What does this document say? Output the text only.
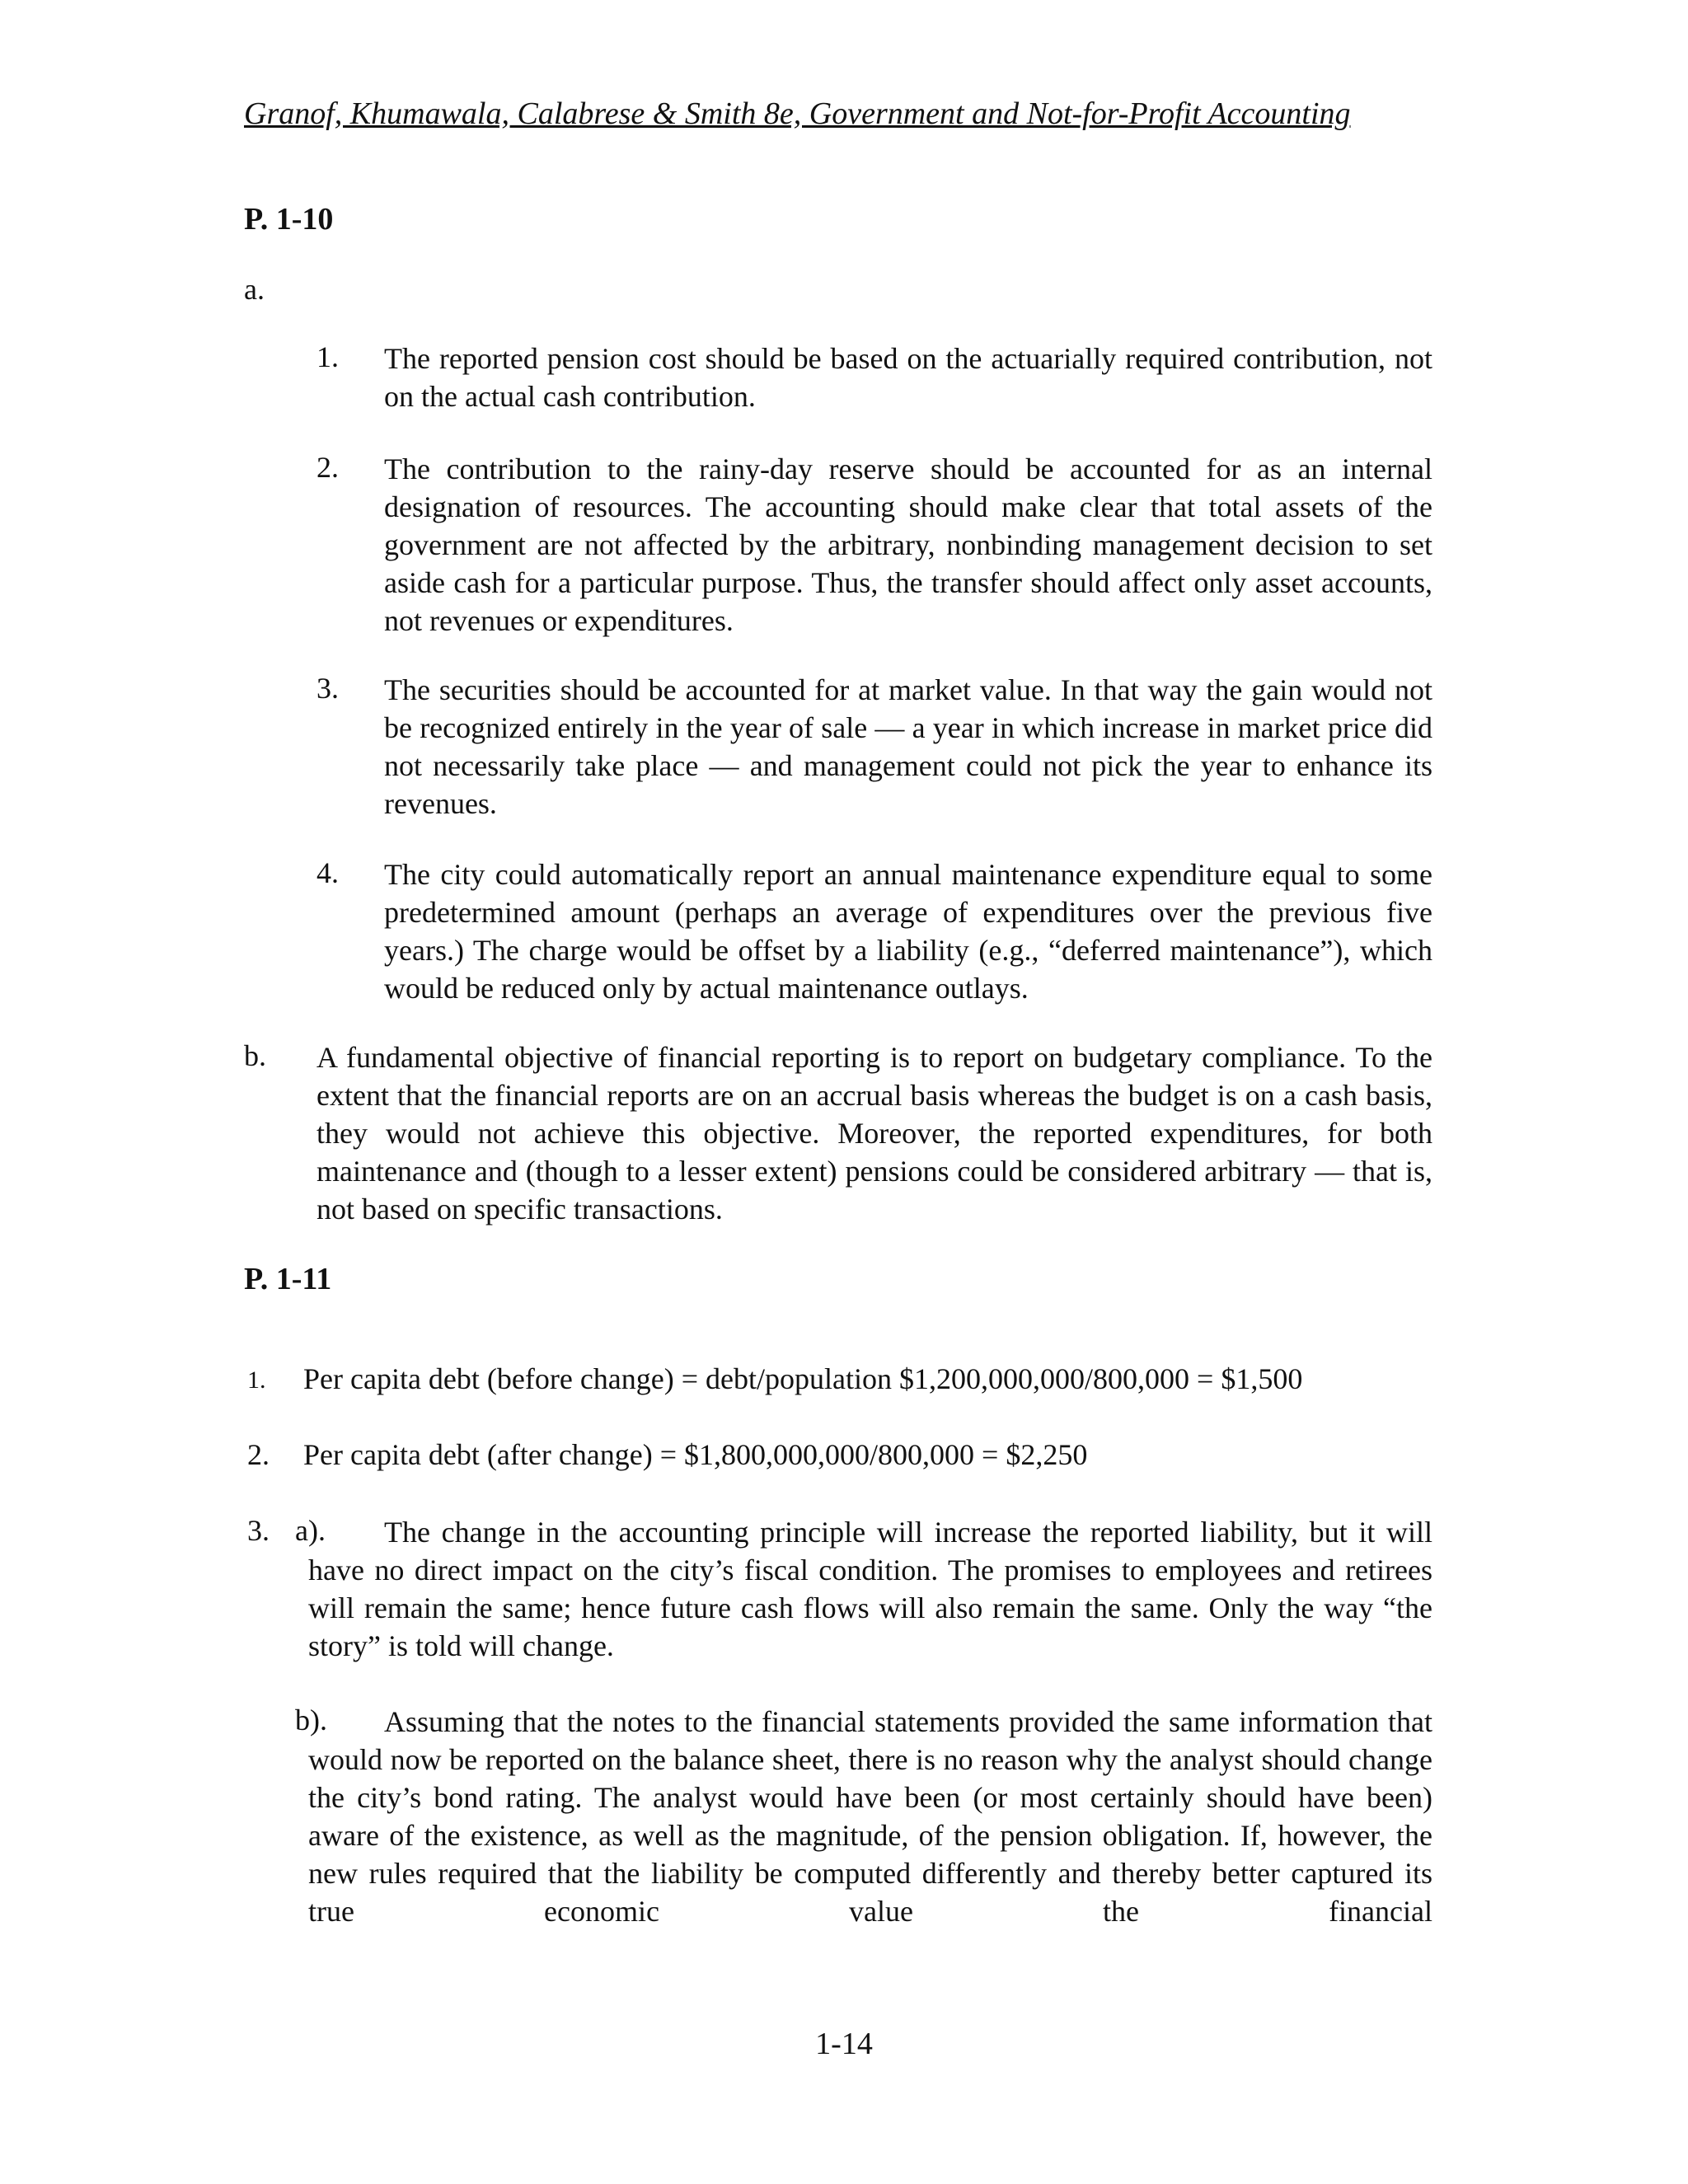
Granof, Khumawala, Calabrese & Smith 8e, Government and Not-for-Profit Accounting
P. 1-10
a.
1. The reported pension cost should be based on the actuarially required contribution, not on the actual cash contribution.
2. The contribution to the rainy-day reserve should be accounted for as an internal designation of resources. The accounting should make clear that total assets of the government are not affected by the arbitrary, nonbinding management decision to set aside cash for a particular purpose. Thus, the transfer should affect only asset accounts, not revenues or expenditures.
3. The securities should be accounted for at market value. In that way the gain would not be recognized entirely in the year of sale — a year in which increase in market price did not necessarily take place — and management could not pick the year to enhance its revenues.
4. The city could automatically report an annual maintenance expenditure equal to some predetermined amount (perhaps an average of expenditures over the previous five years.) The charge would be offset by a liability (e.g., “deferred maintenance”), which would be reduced only by actual maintenance outlays.
b. A fundamental objective of financial reporting is to report on budgetary compliance. To the extent that the financial reports are on an accrual basis whereas the budget is on a cash basis, they would not achieve this objective. Moreover, the reported expenditures, for both maintenance and (though to a lesser extent) pensions could be considered arbitrary — that is, not based on specific transactions.
P. 1-11
1. Per capita debt (before change) = debt/population $1,200,000,000/800,000 = $1,500
2. Per capita debt (after change) = $1,800,000,000/800,000 = $2,250
3. a).	The change in the accounting principle will increase the reported liability, but it will have no direct impact on the city’s fiscal condition. The promises to employees and retirees will remain the same; hence future cash flows will also remain the same. Only the way “the story” is told will change.
b).	Assuming that the notes to the financial statements provided the same information that would now be reported on the balance sheet, there is no reason why the analyst should change the city’s bond rating. The analyst would have been (or most certainly should have been) aware of the existence, as well as the magnitude, of the pension obligation. If, however, the new rules required that the liability be computed differently and thereby better captured its true economic value the financial
1-14
